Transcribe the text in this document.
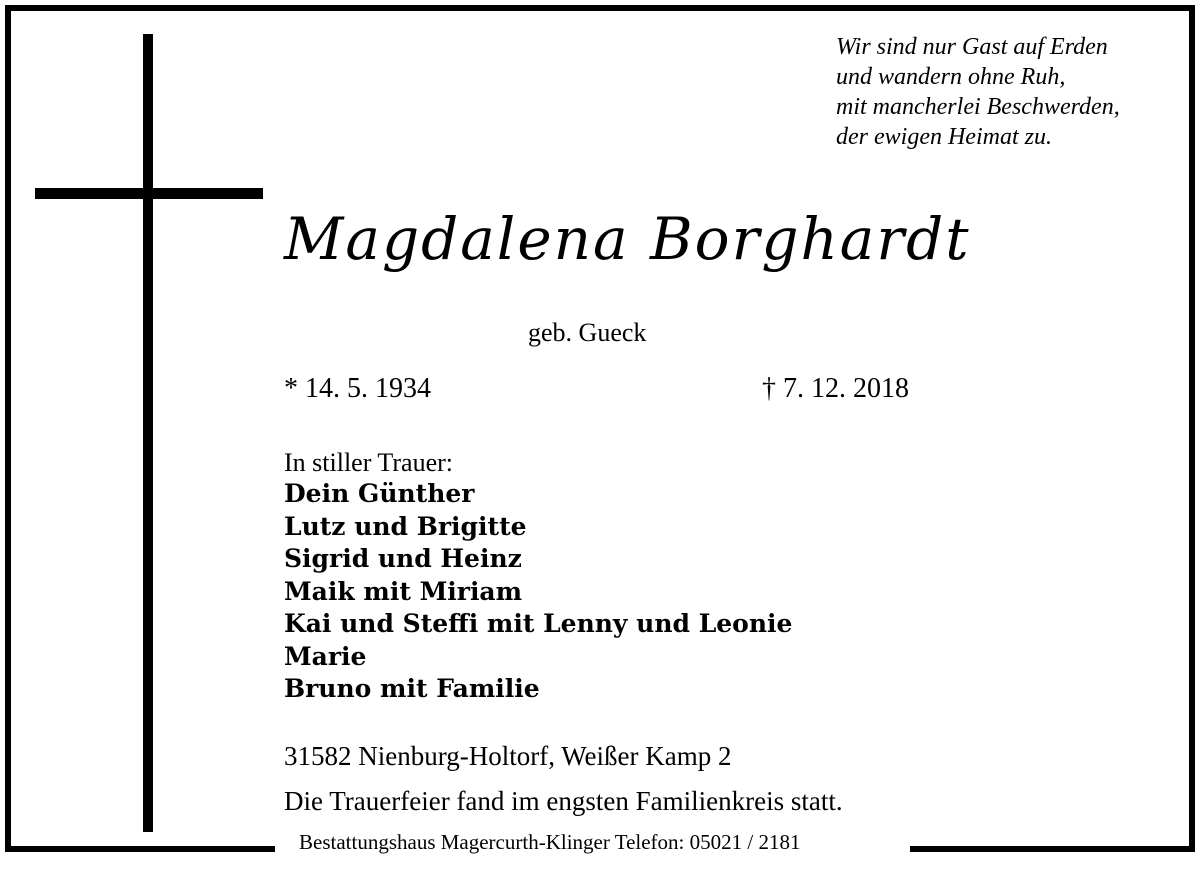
Wir sind nur Gast auf Erden
und wandern ohne Ruh,
mit mancherlei Beschwerden,
der ewigen Heimat zu.
Magdalena Borghardt
geb. Gueck
* 14. 5. 1934	† 7. 12. 2018
In stiller Trauer:
Dein Günther
Lutz und Brigitte
Sigrid und Heinz
Maik mit Miriam
Kai und Steffi mit Lenny und Leonie
Marie
Bruno mit Familie
31582 Nienburg-Holtorf, Weißer Kamp 2
Die Trauerfeier fand im engsten Familienkreis statt.
Bestattungshaus Magercurth-Klinger Telefon: 05021 / 2181
